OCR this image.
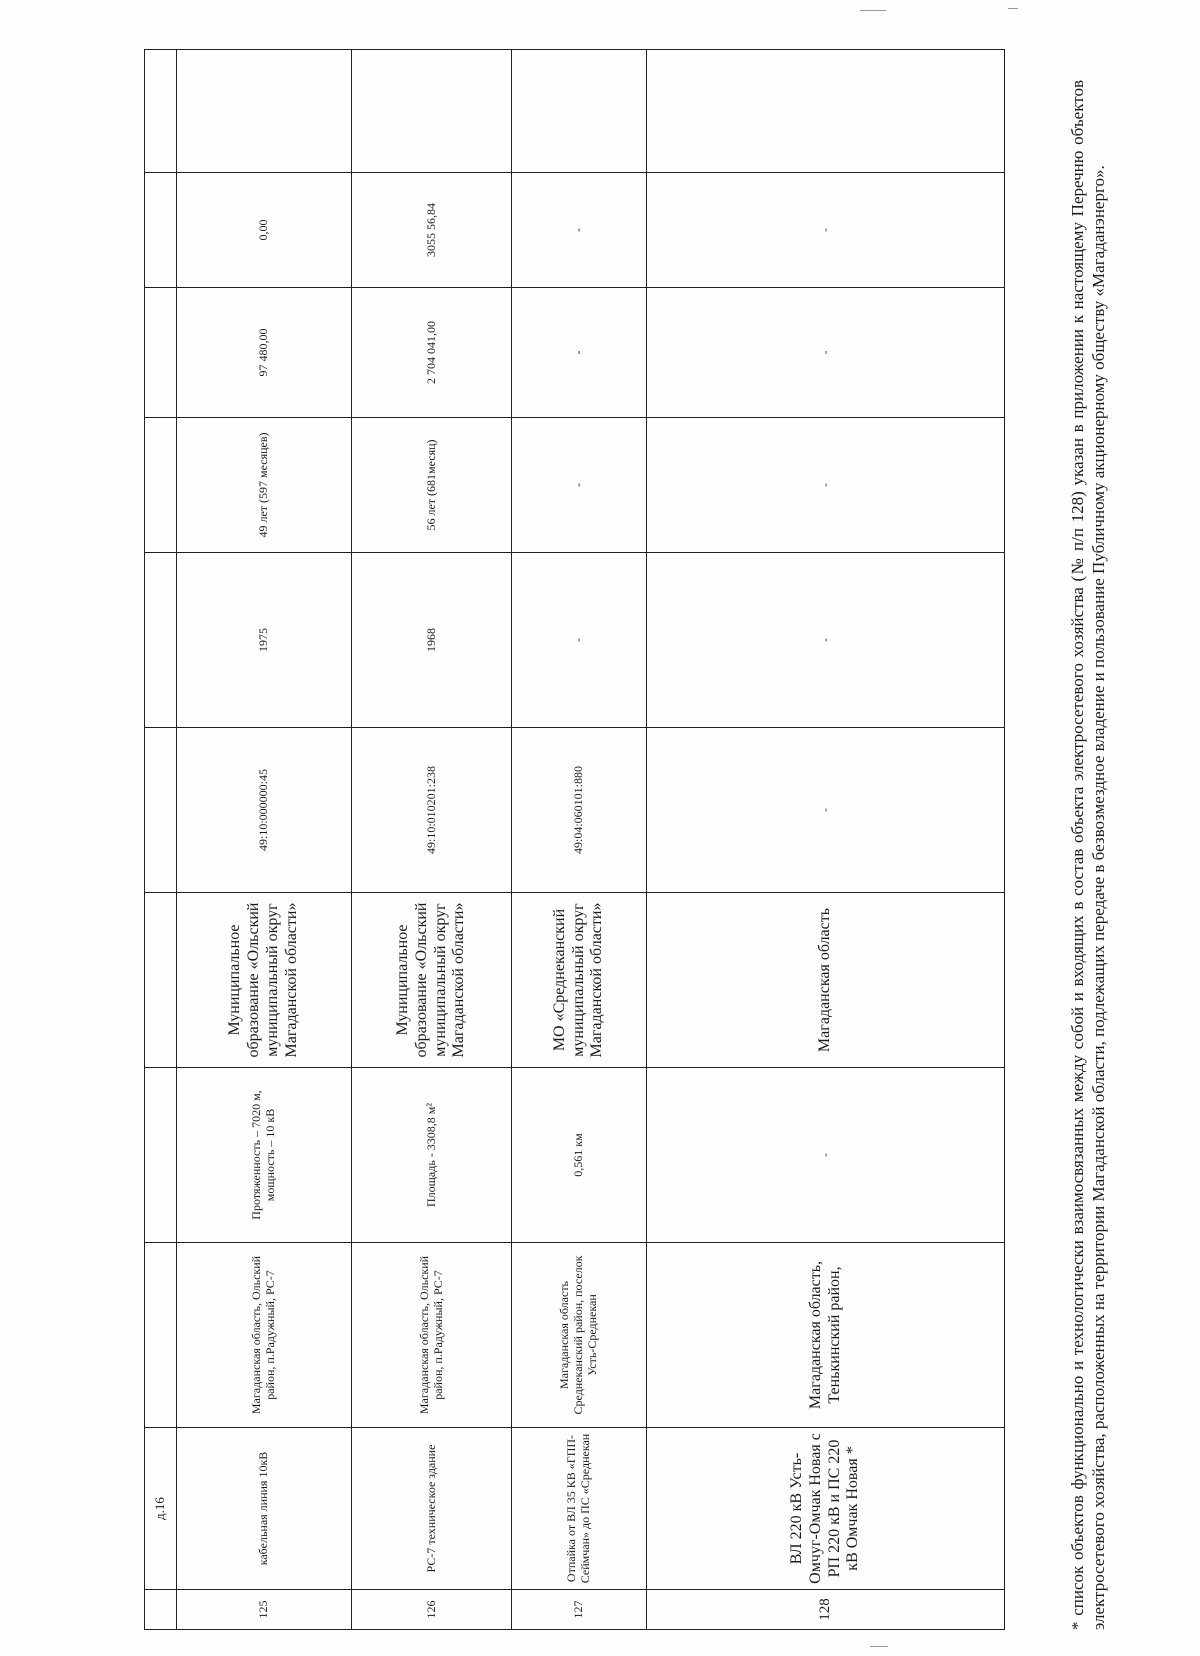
	д.16									
125	кабельная линия 10кВ	Магаданская область, Ольский район, п.Радужный, РС-7	Протяженность – 7020 м, мощность – 10 кВ	Муниципальное образование «Ольский муниципальный округ Магаданской области»	49:10:000000:45	1975	49 лет (597 месяцев)	97 480,00	0,00	
126	РС-7 техническое здание	Магаданская область, Ольский район, п.Радужный, РС-7	Площадь - 3308,8 м²	Муниципальное образование «Ольский муниципальный округ Магаданской области»	49:10:010201:238	1968	56 лет (681месяц)	2 704 041,00	3055 56,84	
127	Отпайка от ВЛ 35 КВ «ГПП-Сеймчан» до ПС «Среднекан	Магаданская область Среднеканский район, поселок Усть-Среднекан	0,561 км	МО «Среднеканский муниципальный округ Магаданской области»	49:04:060101:880	-	-	-	-	
128	ВЛ 220 кВ Усть-Омчуг-Омчак Новая с РП 220 кВ и ПС 220 кВ Омчак Новая *	Магаданская область, Тенькинский район,	-	Магаданская область	-	-	-	-	-		* список объектов функционально и технологически взаимосвязанных между собой и входящих в состав объекта электросетевого хозяйства (№ п/п 128) указан в приложении к настоящему Перечню объектов электросетевого хозяйства, расположенных на территории Магаданской области, подлежащих передаче в безвозмездное владение и пользование Публичному акционерному обществу «Магаданэнерго».
